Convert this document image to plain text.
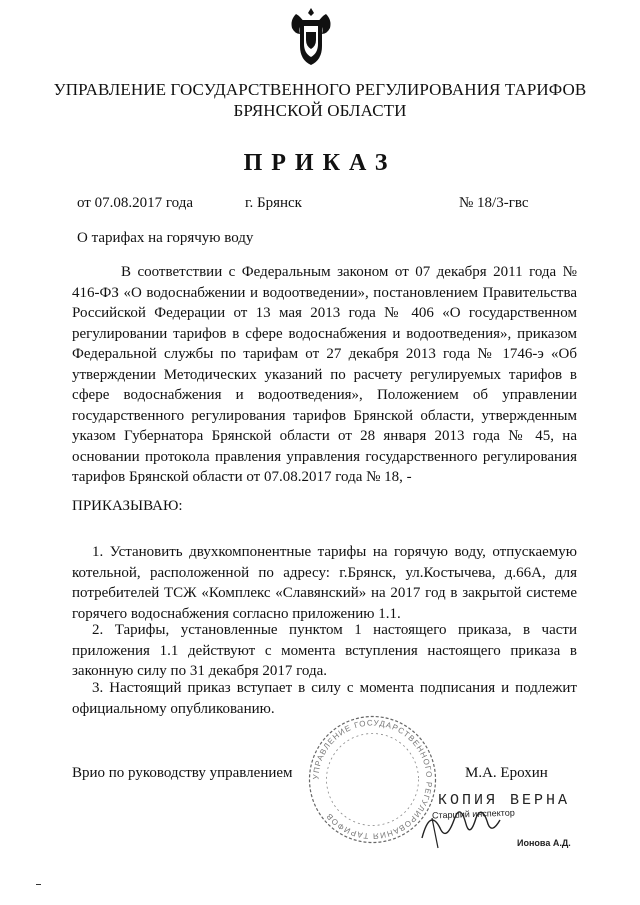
УПРАВЛЕНИЕ ГОСУДАРСТВЕННОГО РЕГУЛИРОВАНИЯ ТАРИФОВ
БРЯНСКОЙ ОБЛАСТИ
ПРИКАЗ
от 07.08.2017 года	г. Брянск	№ 18/3-гвс
О тарифах на горячую воду

В соответствии с Федеральным законом от 07 декабря 2011 года № 416-ФЗ «О водоснабжении и водоотведении», постановлением Правительства Российской Федерации от 13 мая 2013 года № 406 «О государственном регулировании тарифов в сфере водоснабжения и водоотведения», приказом Федеральной службы по тарифам от 27 декабря 2013 года № 1746-э «Об утверждении Методических указаний по расчету регулируемых тарифов в сфере водоснабжения и водоотведения», Положением об управлении государственного регулирования тарифов Брянской области, утвержденным указом Губернатора Брянской области от 28 января 2013 года № 45, на основании протокола правления управления государственного регулирования тарифов Брянской области от 07.08.2017 года № 18, -

ПРИКАЗЫВАЮ:

1. Установить двухкомпонентные тарифы на горячую воду, отпускаемую котельной, расположенной по адресу: г.Брянск, ул.Костычева, д.66А, для потребителей ТСЖ «Комплекс «Славянский» на 2017 год в закрытой системе горячего водоснабжения согласно приложению 1.1.

2. Тарифы, установленные пунктом 1 настоящего приказа, в части приложения 1.1 действуют с момента вступления настоящего приказа в законную силу по 31 декабря 2017 года.

3. Настоящий приказ вступает в силу с момента подписания и подлежит официальному опубликованию.

УПРАВЛЕНИЕ ГОСУДАРСТВЕННОГО РЕГУЛИРОВАНИЯ ТАРИФОВ
Врио по руководству управлением	М.А. Ерохин
КОПИЯ ВЕРНА
Старший инспектор
Ионова А.Д.
